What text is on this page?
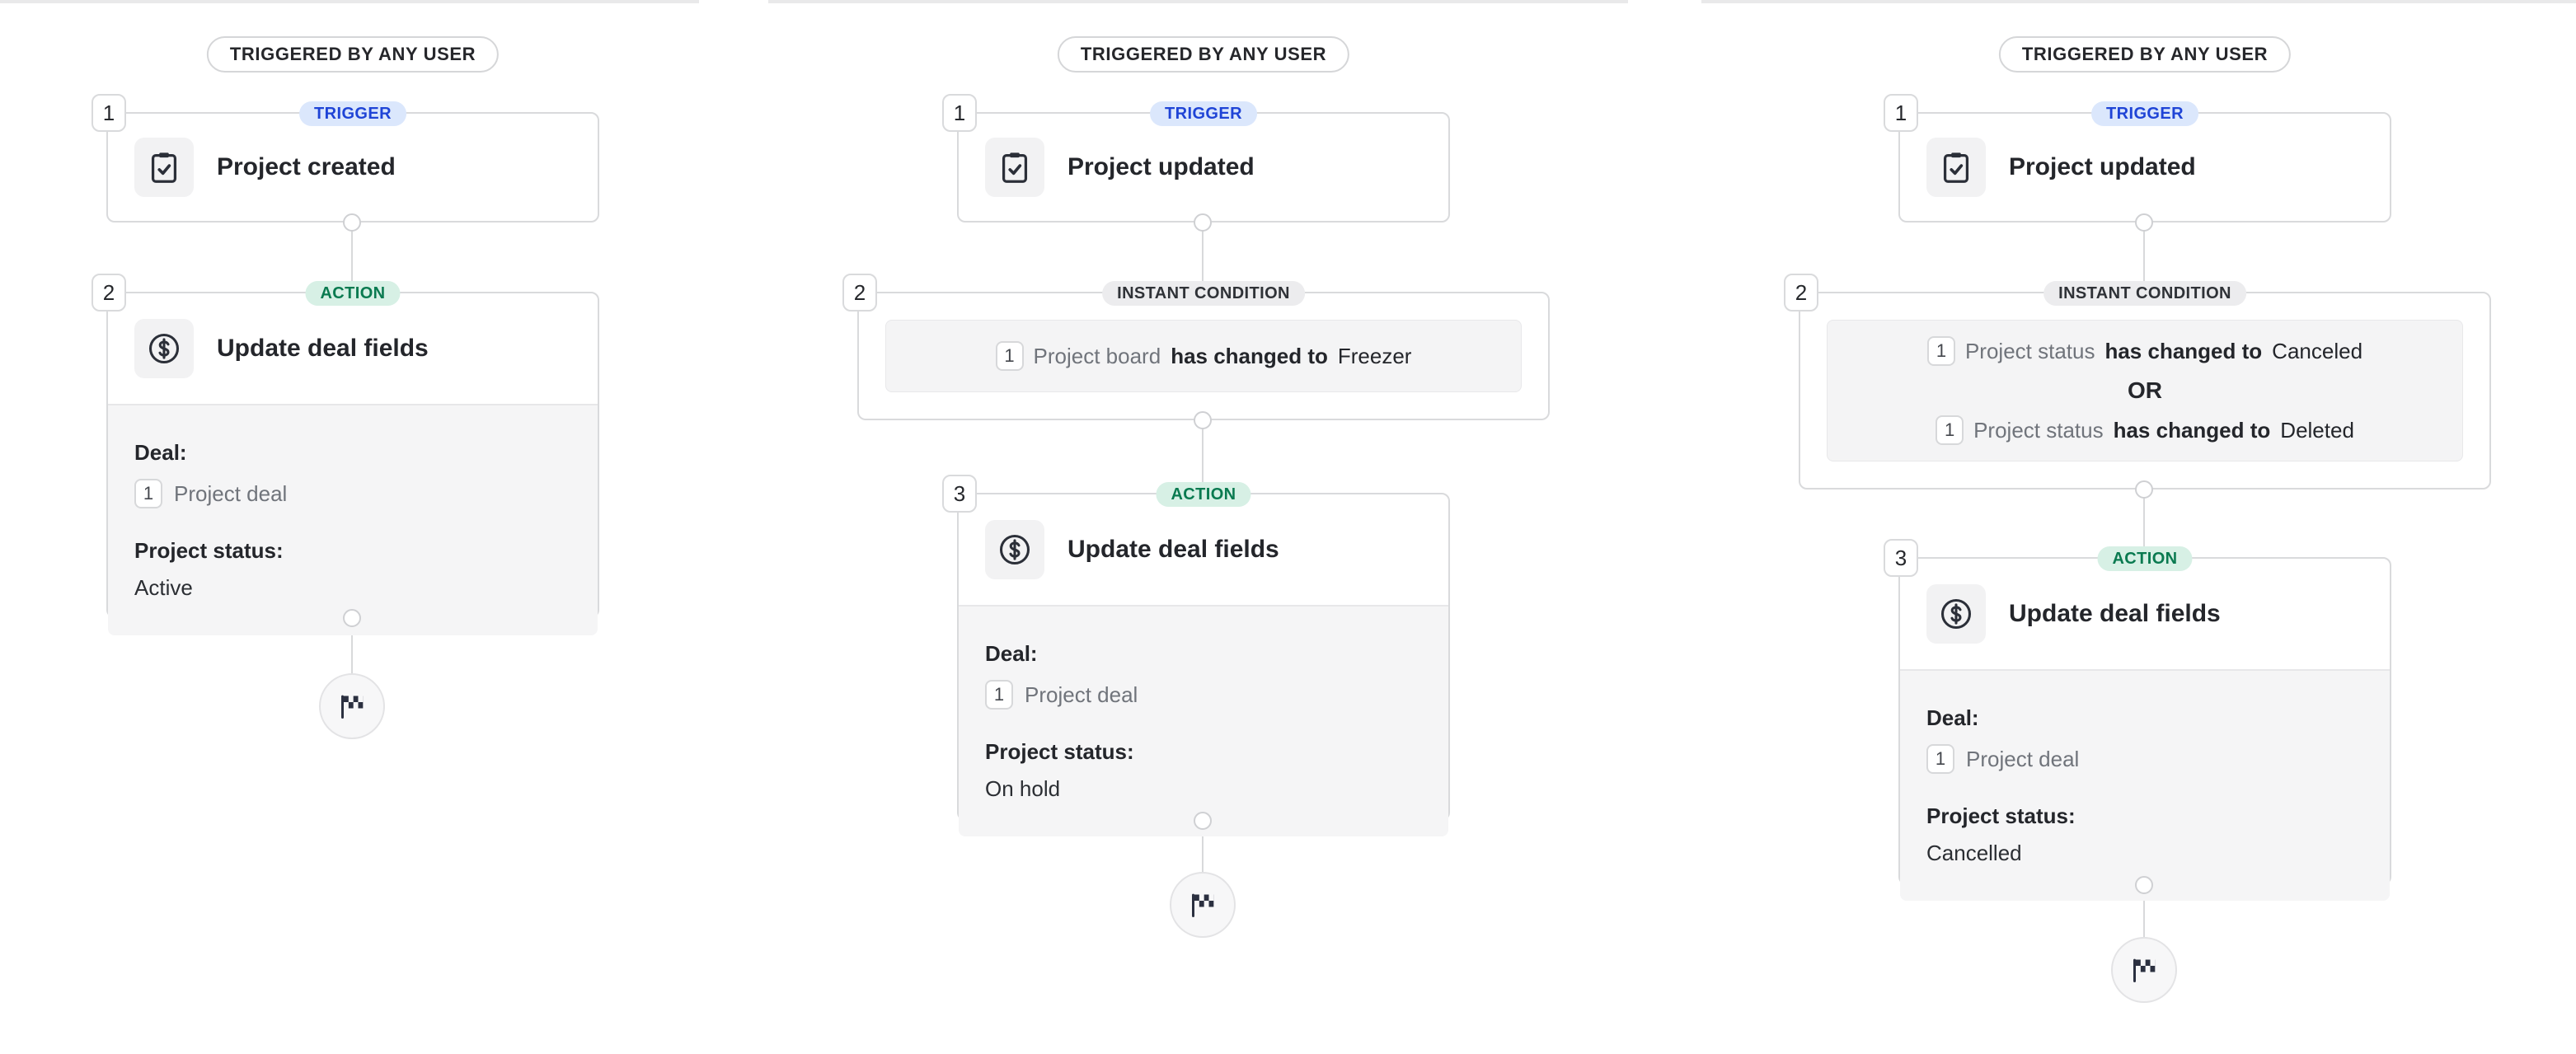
TRIGGERED BY ANY USER
1	TRIGGER
Project created
2	ACTION
Update deal fields
Deal:
1 Project deal
Project status:
Active
TRIGGERED BY ANY USER
1	TRIGGER
Project updated
2	INSTANT CONDITION
1 Project board has changed to Freezer
3	ACTION
Update deal fields
Deal:
1 Project deal
Project status:
On hold
TRIGGERED BY ANY USER
1	TRIGGER
Project updated
2	INSTANT CONDITION
1 Project status has changed to Canceled
OR
1 Project status has changed to Deleted
3	ACTION
Update deal fields
Deal:
1 Project deal
Project status:
Cancelled
